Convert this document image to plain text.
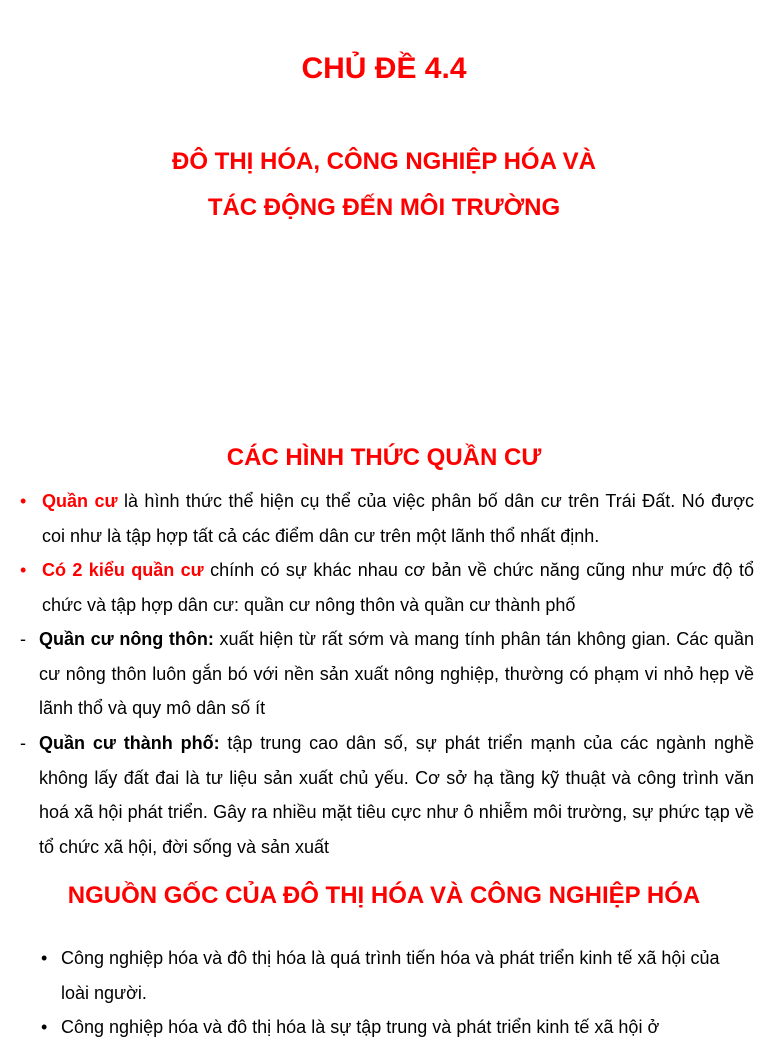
CHỦ ĐỀ 4.4
ĐÔ THỊ HÓA, CÔNG NGHIỆP HÓA VÀ
TÁC ĐỘNG ĐẾN MÔI TRƯỜNG
CÁC HÌNH THỨC QUẦN CƯ
• Quần cư là hình thức thể hiện cụ thể của việc phân bố dân cư trên Trái Đất. Nó được coi như là tập hợp tất cả các điểm dân cư trên một lãnh thổ nhất định.
• Có 2 kiểu quần cư chính có sự khác nhau cơ bản về chức năng cũng như mức độ tổ chức và tập hợp dân cư: quần cư nông thôn và quần cư thành phố
- Quần cư nông thôn: xuất hiện từ rất sớm và mang tính phân tán không gian. Các quần cư nông thôn luôn gắn bó với nền sản xuất nông nghiệp, thường có phạm vi nhỏ hẹp về lãnh thổ và quy mô dân số ít
- Quần cư thành phố: tập trung cao dân số, sự phát triển mạnh của các ngành nghề không lấy đất đai là tư liệu sản xuất chủ yếu. Cơ sở hạ tầng kỹ thuật và công trình văn hoá xã hội phát triển. Gây ra nhiều mặt tiêu cực như ô nhiễm môi trường, sự phức tạp về tổ chức xã hội, đời sống và sản xuất
NGUỒN GỐC CỦA ĐÔ THỊ HÓA VÀ CÔNG NGHIỆP HÓA
• Công nghiệp hóa và đô thị hóa là quá trình tiến hóa và phát triển kinh tế xã hội của loài người.
• Công nghiệp hóa và đô thị hóa là sự tập trung và phát triển kinh tế xã hội ở
